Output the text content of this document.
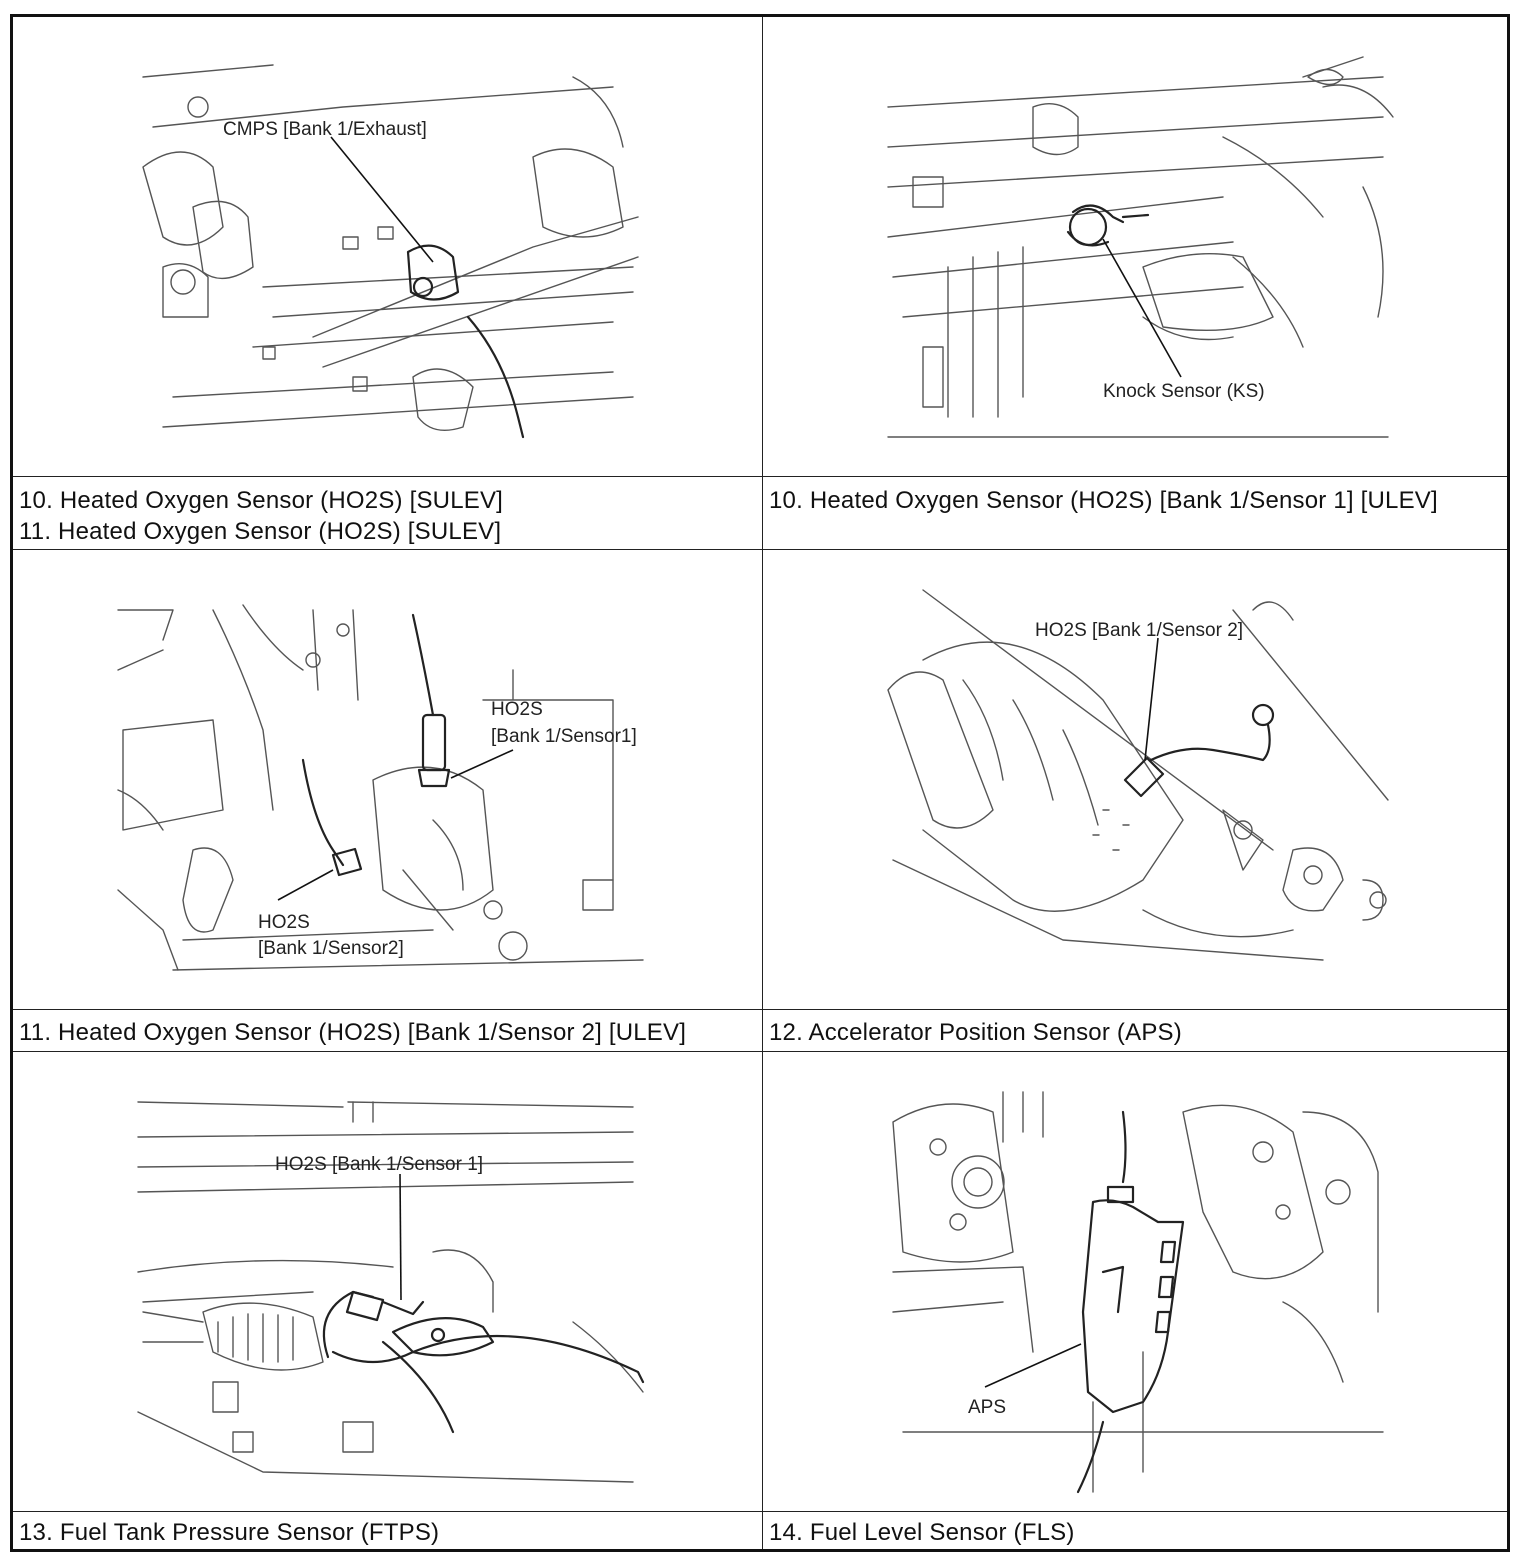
CMPS [Bank 1/Exhaust]
Knock Sensor (KS)
10. Heated Oxygen Sensor (HO2S) [SULEV]
11. Heated Oxygen Sensor (HO2S) [SULEV]
10. Heated Oxygen Sensor (HO2S) [Bank 1/Sensor 1] [ULEV]
HO2S
[Bank 1/Sensor1]
HO2S
[Bank 1/Sensor2]
HO2S [Bank 1/Sensor 2]
11. Heated Oxygen Sensor (HO2S) [Bank 1/Sensor 2] [ULEV]	12. Accelerator Position Sensor (APS)
HO2S [Bank 1/Sensor 1]
APS
13. Fuel Tank Pressure Sensor (FTPS)	14. Fuel Level Sensor (FLS)
